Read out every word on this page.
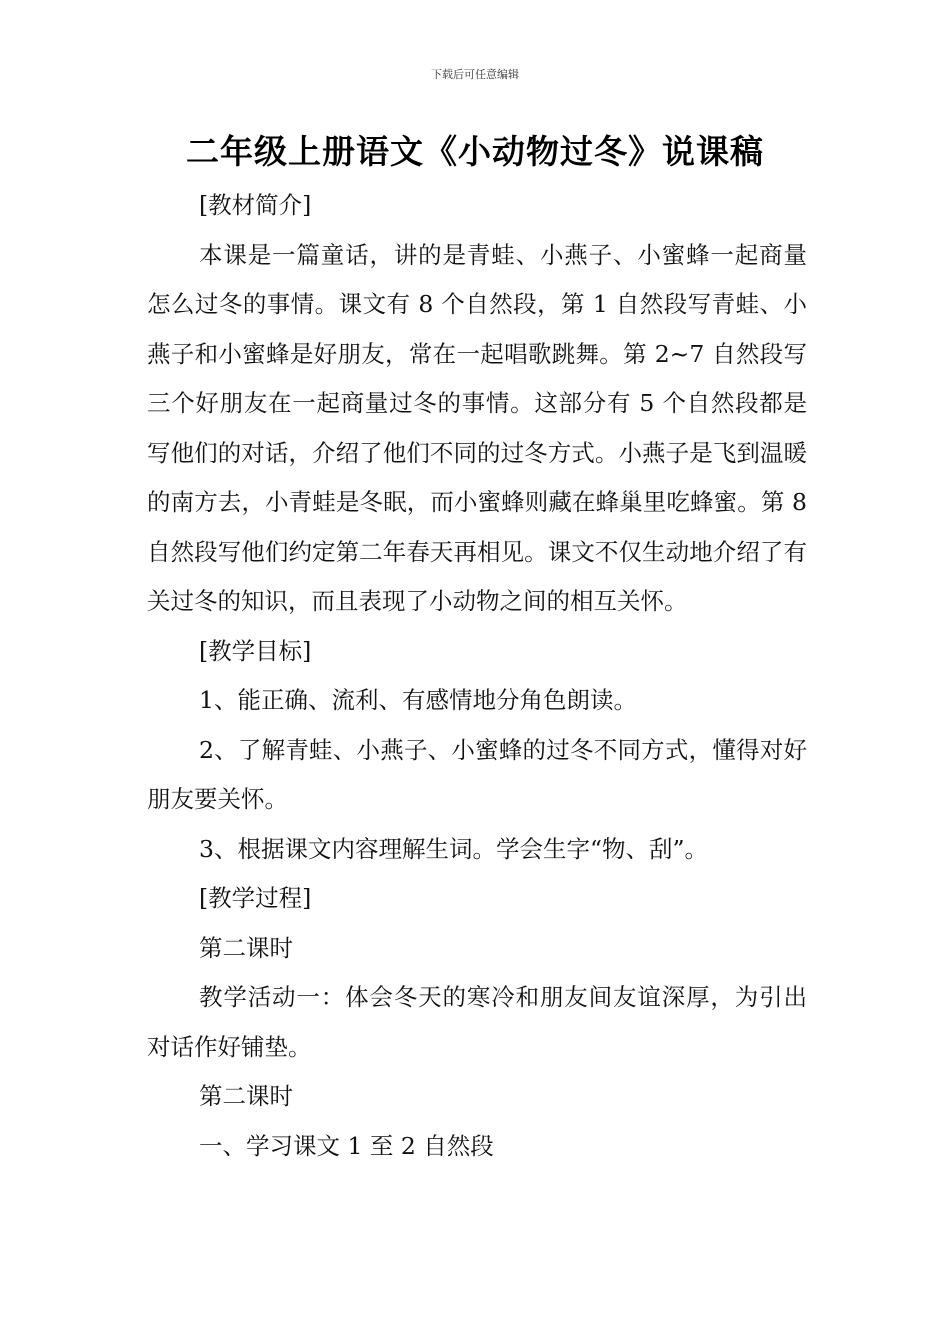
下载后可任意编辑
二年级上册语文《小动物过冬》说课稿

[教材简介]

本课是一篇童话，讲的是青蛙、小燕子、小蜜蜂一起商量怎么过冬的事情。课文有 8 个自然段，第 1 自然段写青蛙、小燕子和小蜜蜂是好朋友，常在一起唱歌跳舞。第 2~7 自然段写三个好朋友在一起商量过冬的事情。这部分有 5 个自然段都是写他们的对话，介绍了他们不同的过冬方式。小燕子是飞到温暖的南方去，小青蛙是冬眠，而小蜜蜂则藏在蜂巢里吃蜂蜜。第 8 自然段写他们约定第二年春天再相见。课文不仅生动地介绍了有关过冬的知识，而且表现了小动物之间的相互关怀。

[教学目标]

1、能正确、流利、有感情地分角色朗读。

2、了解青蛙、小燕子、小蜜蜂的过冬不同方式，懂得对好朋友要关怀。

3、根据课文内容理解生词。学会生字“物、刮”。

[教学过程]

第二课时

教学活动一：体会冬天的寒冷和朋友间友谊深厚，为引出对话作好铺垫。

第二课时

一、学习课文 1 至 2 自然段
